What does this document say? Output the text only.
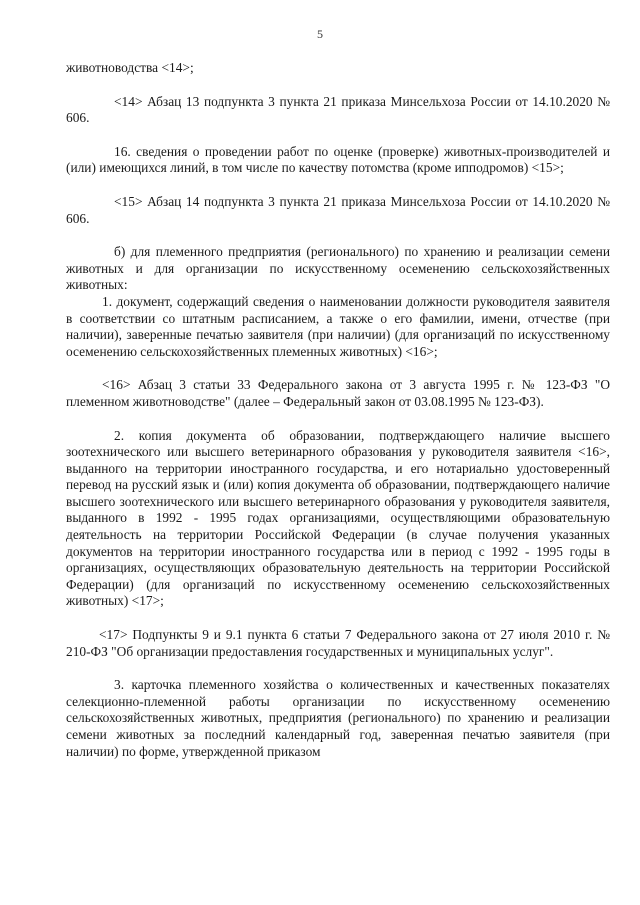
5

животноводства <14>;

<14> Абзац 13 подпункта 3 пункта 21 приказа Минсельхоза России от 14.10.2020 № 606.

16. сведения о проведении работ по оценке (проверке) животных-производителей и (или) имеющихся линий, в том числе по качеству потомства (кроме ипподромов) <15>;

<15> Абзац 14 подпункта 3 пункта 21 приказа Минсельхоза России от 14.10.2020 № 606.

б) для племенного предприятия (регионального) по хранению и реализации семени животных и для организации по искусственному осеменению сельскохозяйственных животных:

1. документ, содержащий сведения о наименовании должности руководителя заявителя в соответствии со штатным расписанием, а также о его фамилии, имени, отчестве (при наличии), заверенные печатью заявителя (при наличии) (для организаций по искусственному осеменению сельскохозяйственных племенных животных) <16>;

<16> Абзац 3 статьи 33 Федерального закона от 3 августа 1995 г. № 123-ФЗ "О племенном животноводстве" (далее – Федеральный закон от 03.08.1995 № 123-ФЗ).

2. копия документа об образовании, подтверждающего наличие высшего зоотехнического или высшего ветеринарного образования у руководителя заявителя <16>, выданного на территории иностранного государства, и его нотариально удостоверенный перевод на русский язык и (или) копия документа об образовании, подтверждающего наличие высшего зоотехнического или высшего ветеринарного образования у руководителя заявителя, выданного в 1992 - 1995 годах организациями, осуществляющими образовательную деятельность на территории Российской Федерации (в случае получения указанных документов на территории иностранного государства или в период с 1992 - 1995 годы в организациях, осуществляющих образовательную деятельность на территории Российской Федерации) (для организаций по искусственному осеменению сельскохозяйственных животных) <17>;

<17> Подпункты 9 и 9.1 пункта 6 статьи 7 Федерального закона от 27 июля 2010 г. № 210-ФЗ "Об организации предоставления государственных и муниципальных услуг".

3. карточка племенного хозяйства о количественных и качественных показателях селекционно-племенной работы организации по искусственному осеменению сельскохозяйственных животных, предприятия (регионального) по хранению и реализации семени животных за последний календарный год, заверенная печатью заявителя (при наличии) по форме, утвержденной приказом
